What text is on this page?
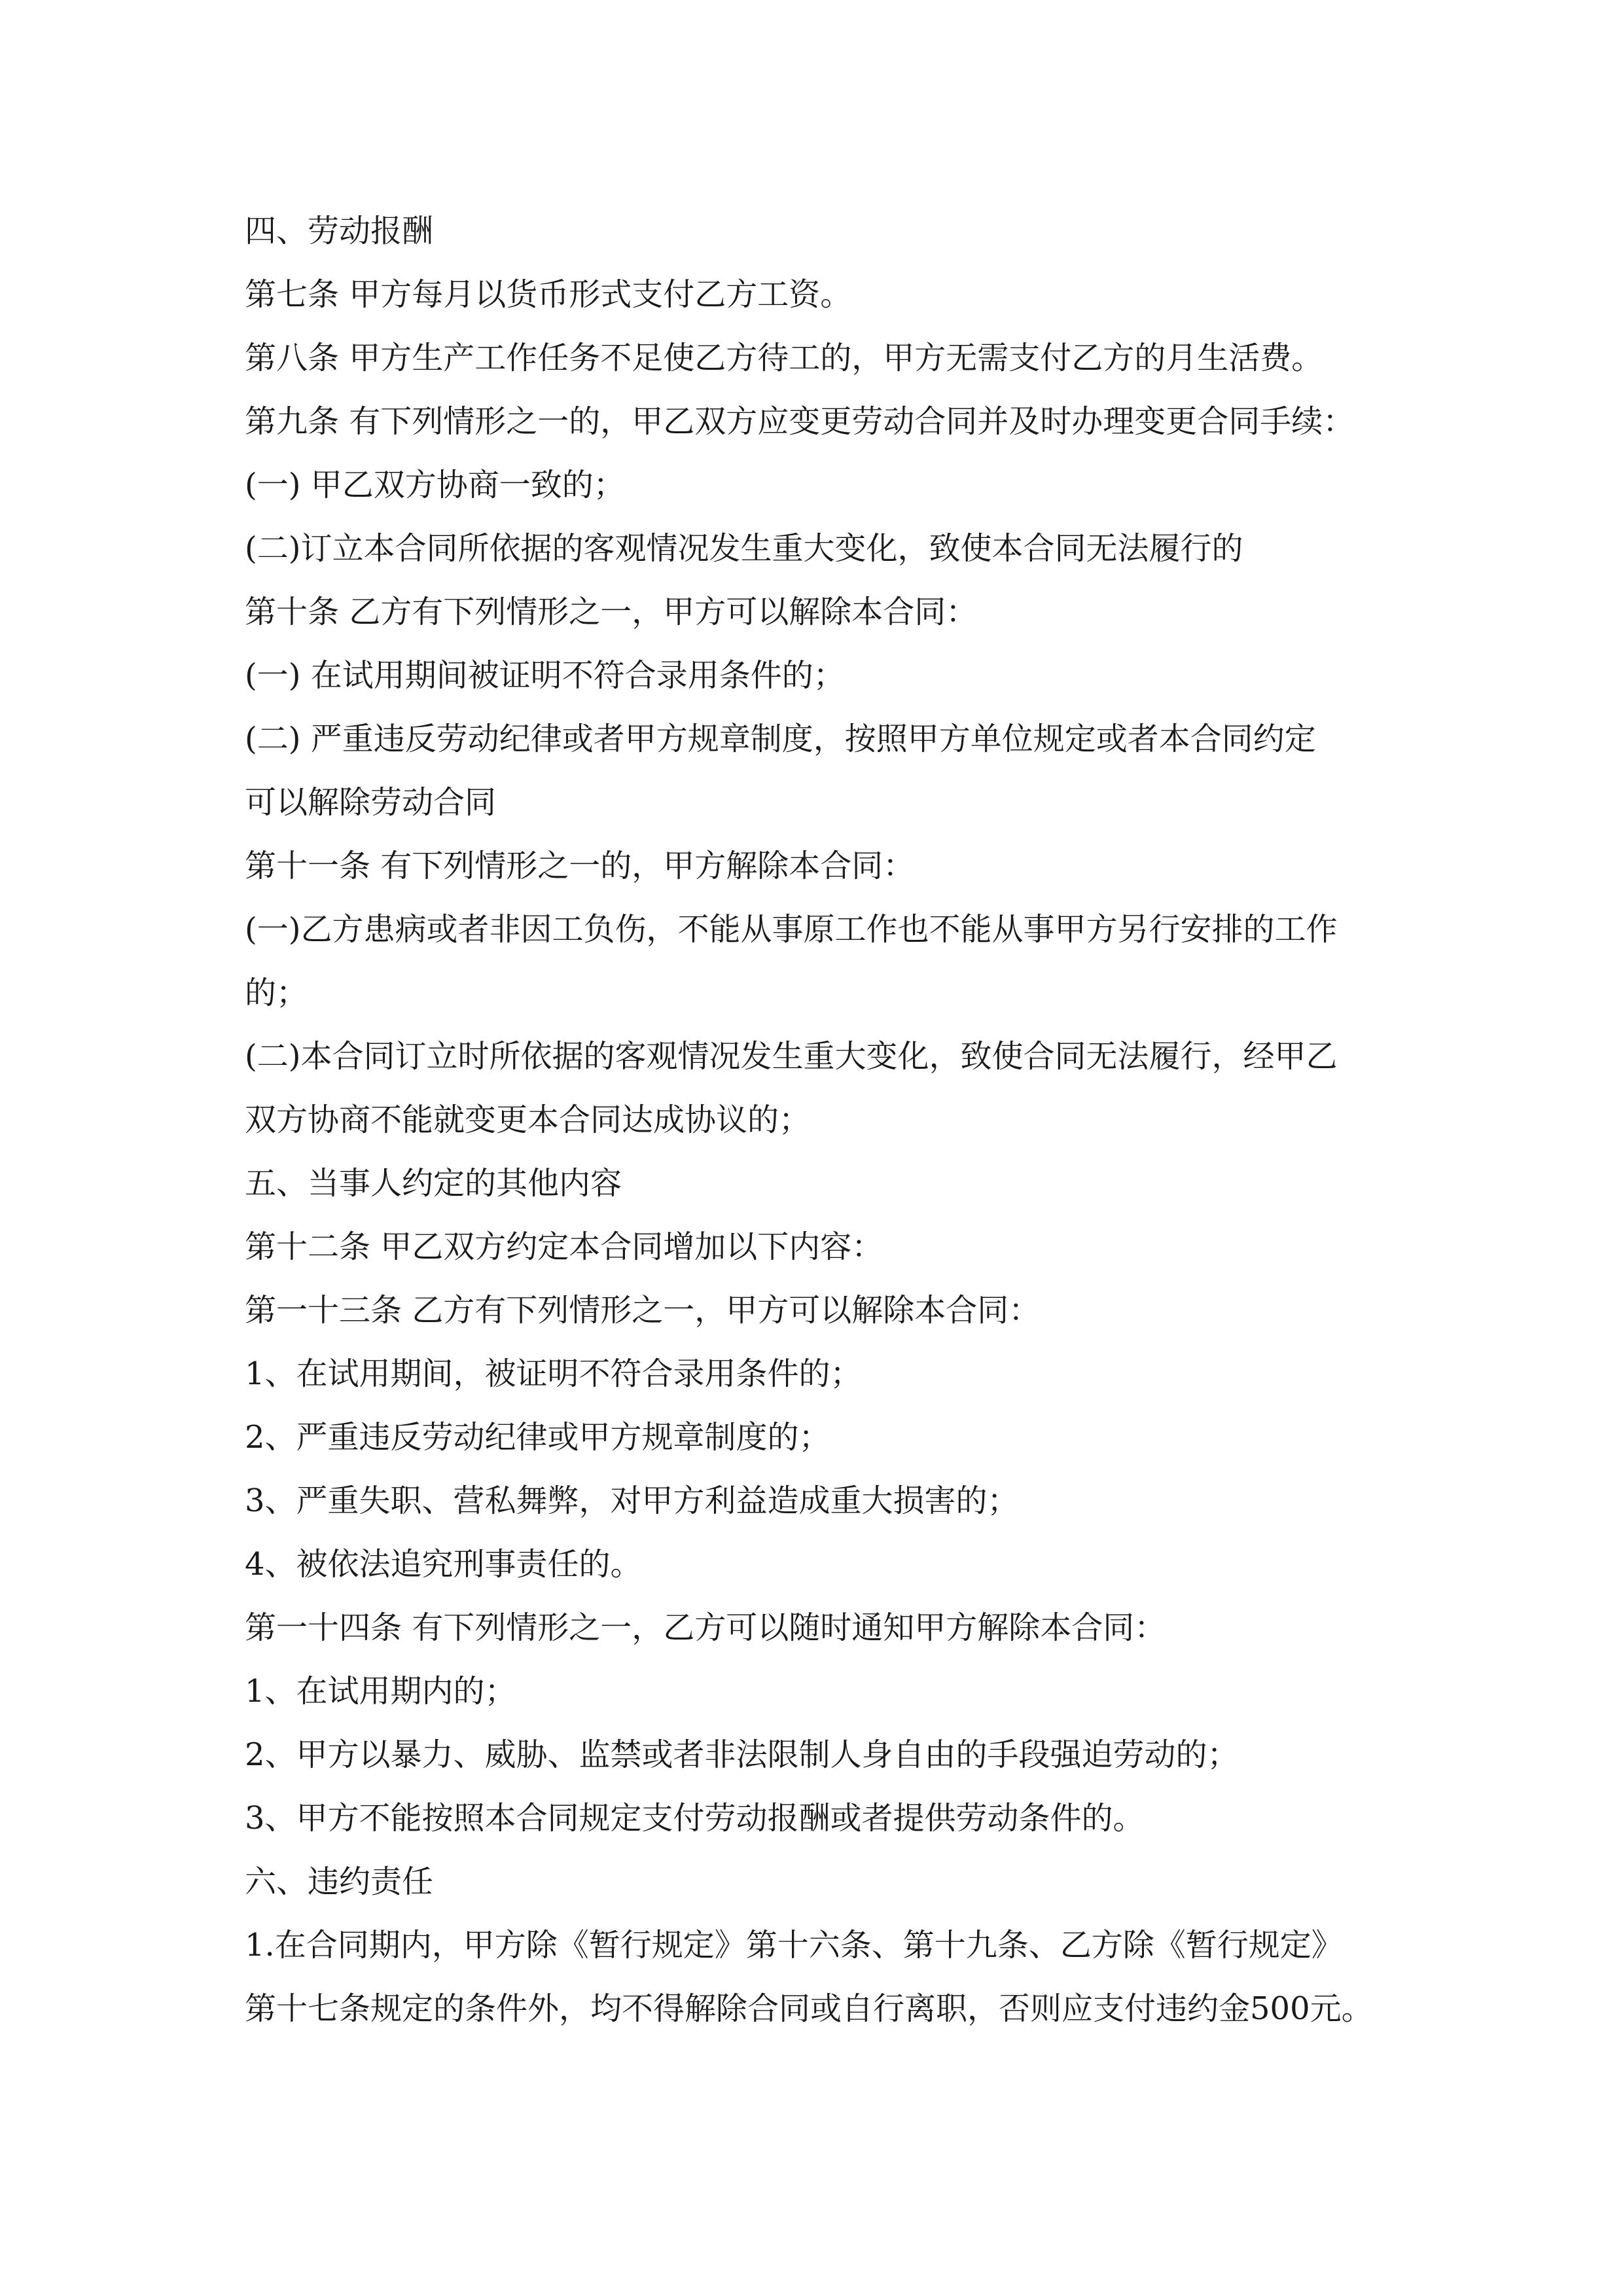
四、劳动报酬
第七条 甲方每月以货币形式支付乙方工资。
第八条 甲方生产工作任务不足使乙方待工的，甲方无需支付乙方的月生活费。
第九条 有下列情形之一的，甲乙双方应变更劳动合同并及时办理变更合同手续：
(一) 甲乙双方协商一致的；
(二)订立本合同所依据的客观情况发生重大变化，致使本合同无法履行的
第十条 乙方有下列情形之一，甲方可以解除本合同：
(一) 在试用期间被证明不符合录用条件的；
(二) 严重违反劳动纪律或者甲方规章制度，按照甲方单位规定或者本合同约定
可以解除劳动合同
第十一条 有下列情形之一的，甲方解除本合同：
(一)乙方患病或者非因工负伤，不能从事原工作也不能从事甲方另行安排的工作
的；
(二)本合同订立时所依据的客观情况发生重大变化，致使合同无法履行，经甲乙
双方协商不能就变更本合同达成协议的；
五、当事人约定的其他内容
第十二条 甲乙双方约定本合同增加以下内容：
第一十三条 乙方有下列情形之一，甲方可以解除本合同：
1、在试用期间，被证明不符合录用条件的；
2、严重违反劳动纪律或甲方规章制度的；
3、严重失职、营私舞弊，对甲方利益造成重大损害的；
4、被依法追究刑事责任的。
第一十四条 有下列情形之一，乙方可以随时通知甲方解除本合同：
1、在试用期内的；
2、甲方以暴力、威胁、监禁或者非法限制人身自由的手段强迫劳动的；
3、甲方不能按照本合同规定支付劳动报酬或者提供劳动条件的。
六、违约责任
1.在合同期内，甲方除《暂行规定》第十六条、第十九条、乙方除《暂行规定》
第十七条规定的条件外，均不得解除合同或自行离职，否则应支付违约金500元。
